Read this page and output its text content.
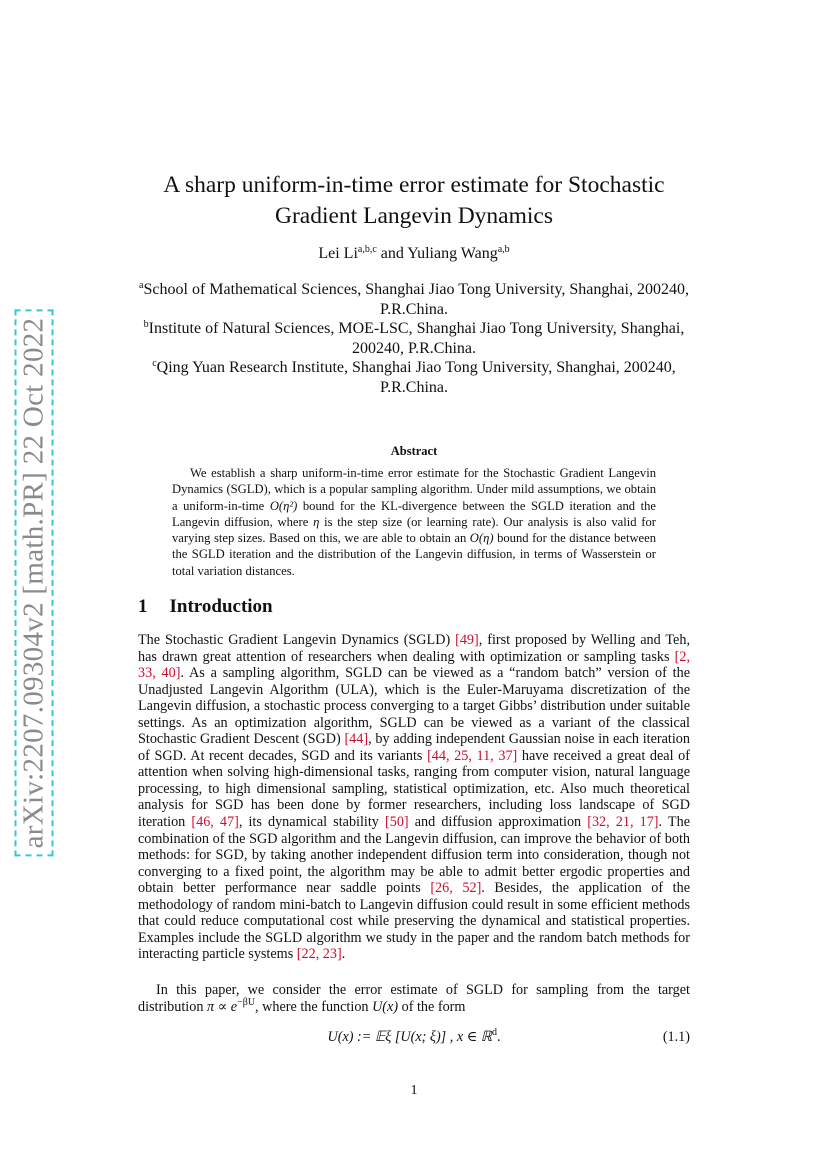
arXiv:2207.09304v2 [math.PR] 22 Oct 2022
A sharp uniform-in-time error estimate for Stochastic
Gradient Langevin Dynamics
Lei Li$^{a,b,c}$ and Yuliang Wang$^{a,b}$

$^a$School of Mathematical Sciences, Shanghai Jiao Tong University, Shanghai, 200240, P.R.China.

$^b$Institute of Natural Sciences, MOE-LSC, Shanghai Jiao Tong University, Shanghai, 200240, P.R.China.

$^c$Qing Yuan Research Institute, Shanghai Jiao Tong University, Shanghai, 200240, P.R.China.

Abstract

We establish a sharp uniform-in-time error estimate for the Stochastic Gradient Langevin Dynamics (SGLD), which is a popular sampling algorithm. Under mild assumptions, we obtain a uniform-in-time O(η²) bound for the KL-divergence between the SGLD iteration and the Langevin diffusion, where η is the step size (or learning rate). Our analysis is also valid for varying step sizes. Based on this, we are able to obtain an O(η) bound for the distance between the SGLD iteration and the distribution of the Langevin diffusion, in terms of Wasserstein or total variation distances.

1 Introduction

The Stochastic Gradient Langevin Dynamics (SGLD) [49], first proposed by Welling and Teh, has drawn great attention of researchers when dealing with optimization or sampling tasks [2, 33, 40]. As a sampling algorithm, SGLD can be viewed as a “random batch” version of the Unadjusted Langevin Algorithm (ULA), which is the Euler-Maruyama discretization of the Langevin diffusion, a stochastic process converging to a target Gibbs’ distribution under suitable settings. As an optimization algorithm, SGLD can be viewed as a variant of the classical Stochastic Gradient Descent (SGD) [44], by adding independent Gaussian noise in each iteration of SGD. At recent decades, SGD and its variants [44, 25, 11, 37] have received a great deal of attention when solving high-dimensional tasks, ranging from computer vision, natural language processing, to high dimensional sampling, statistical optimization, etc. Also much theoretical analysis for SGD has been done by former researchers, including loss landscape of SGD iteration [46, 47], its dynamical stability [50] and diffusion approximation [32, 21, 17]. The combination of the SGD algorithm and the Langevin diffusion, can improve the behavior of both methods: for SGD, by taking another independent diffusion term into consideration, though not converging to a fixed point, the algorithm may be able to admit better ergodic properties and obtain better performance near saddle points [26, 52]. Besides, the application of the methodology of random mini-batch to Langevin diffusion could result in some efficient methods that could reduce computational cost while preserving the dynamical and statistical properties. Examples include the SGLD algorithm we study in the paper and the random batch methods for interacting particle systems [22, 23].

In this paper, we consider the error estimate of SGLD for sampling from the target distribution $\pi \propto e^{-\beta U}$, where the function U(x) of the form

U(x) := 𝔼ξ [U(x; ξ)] , x ∈ ℝ$^d$.	(1.1)
1
